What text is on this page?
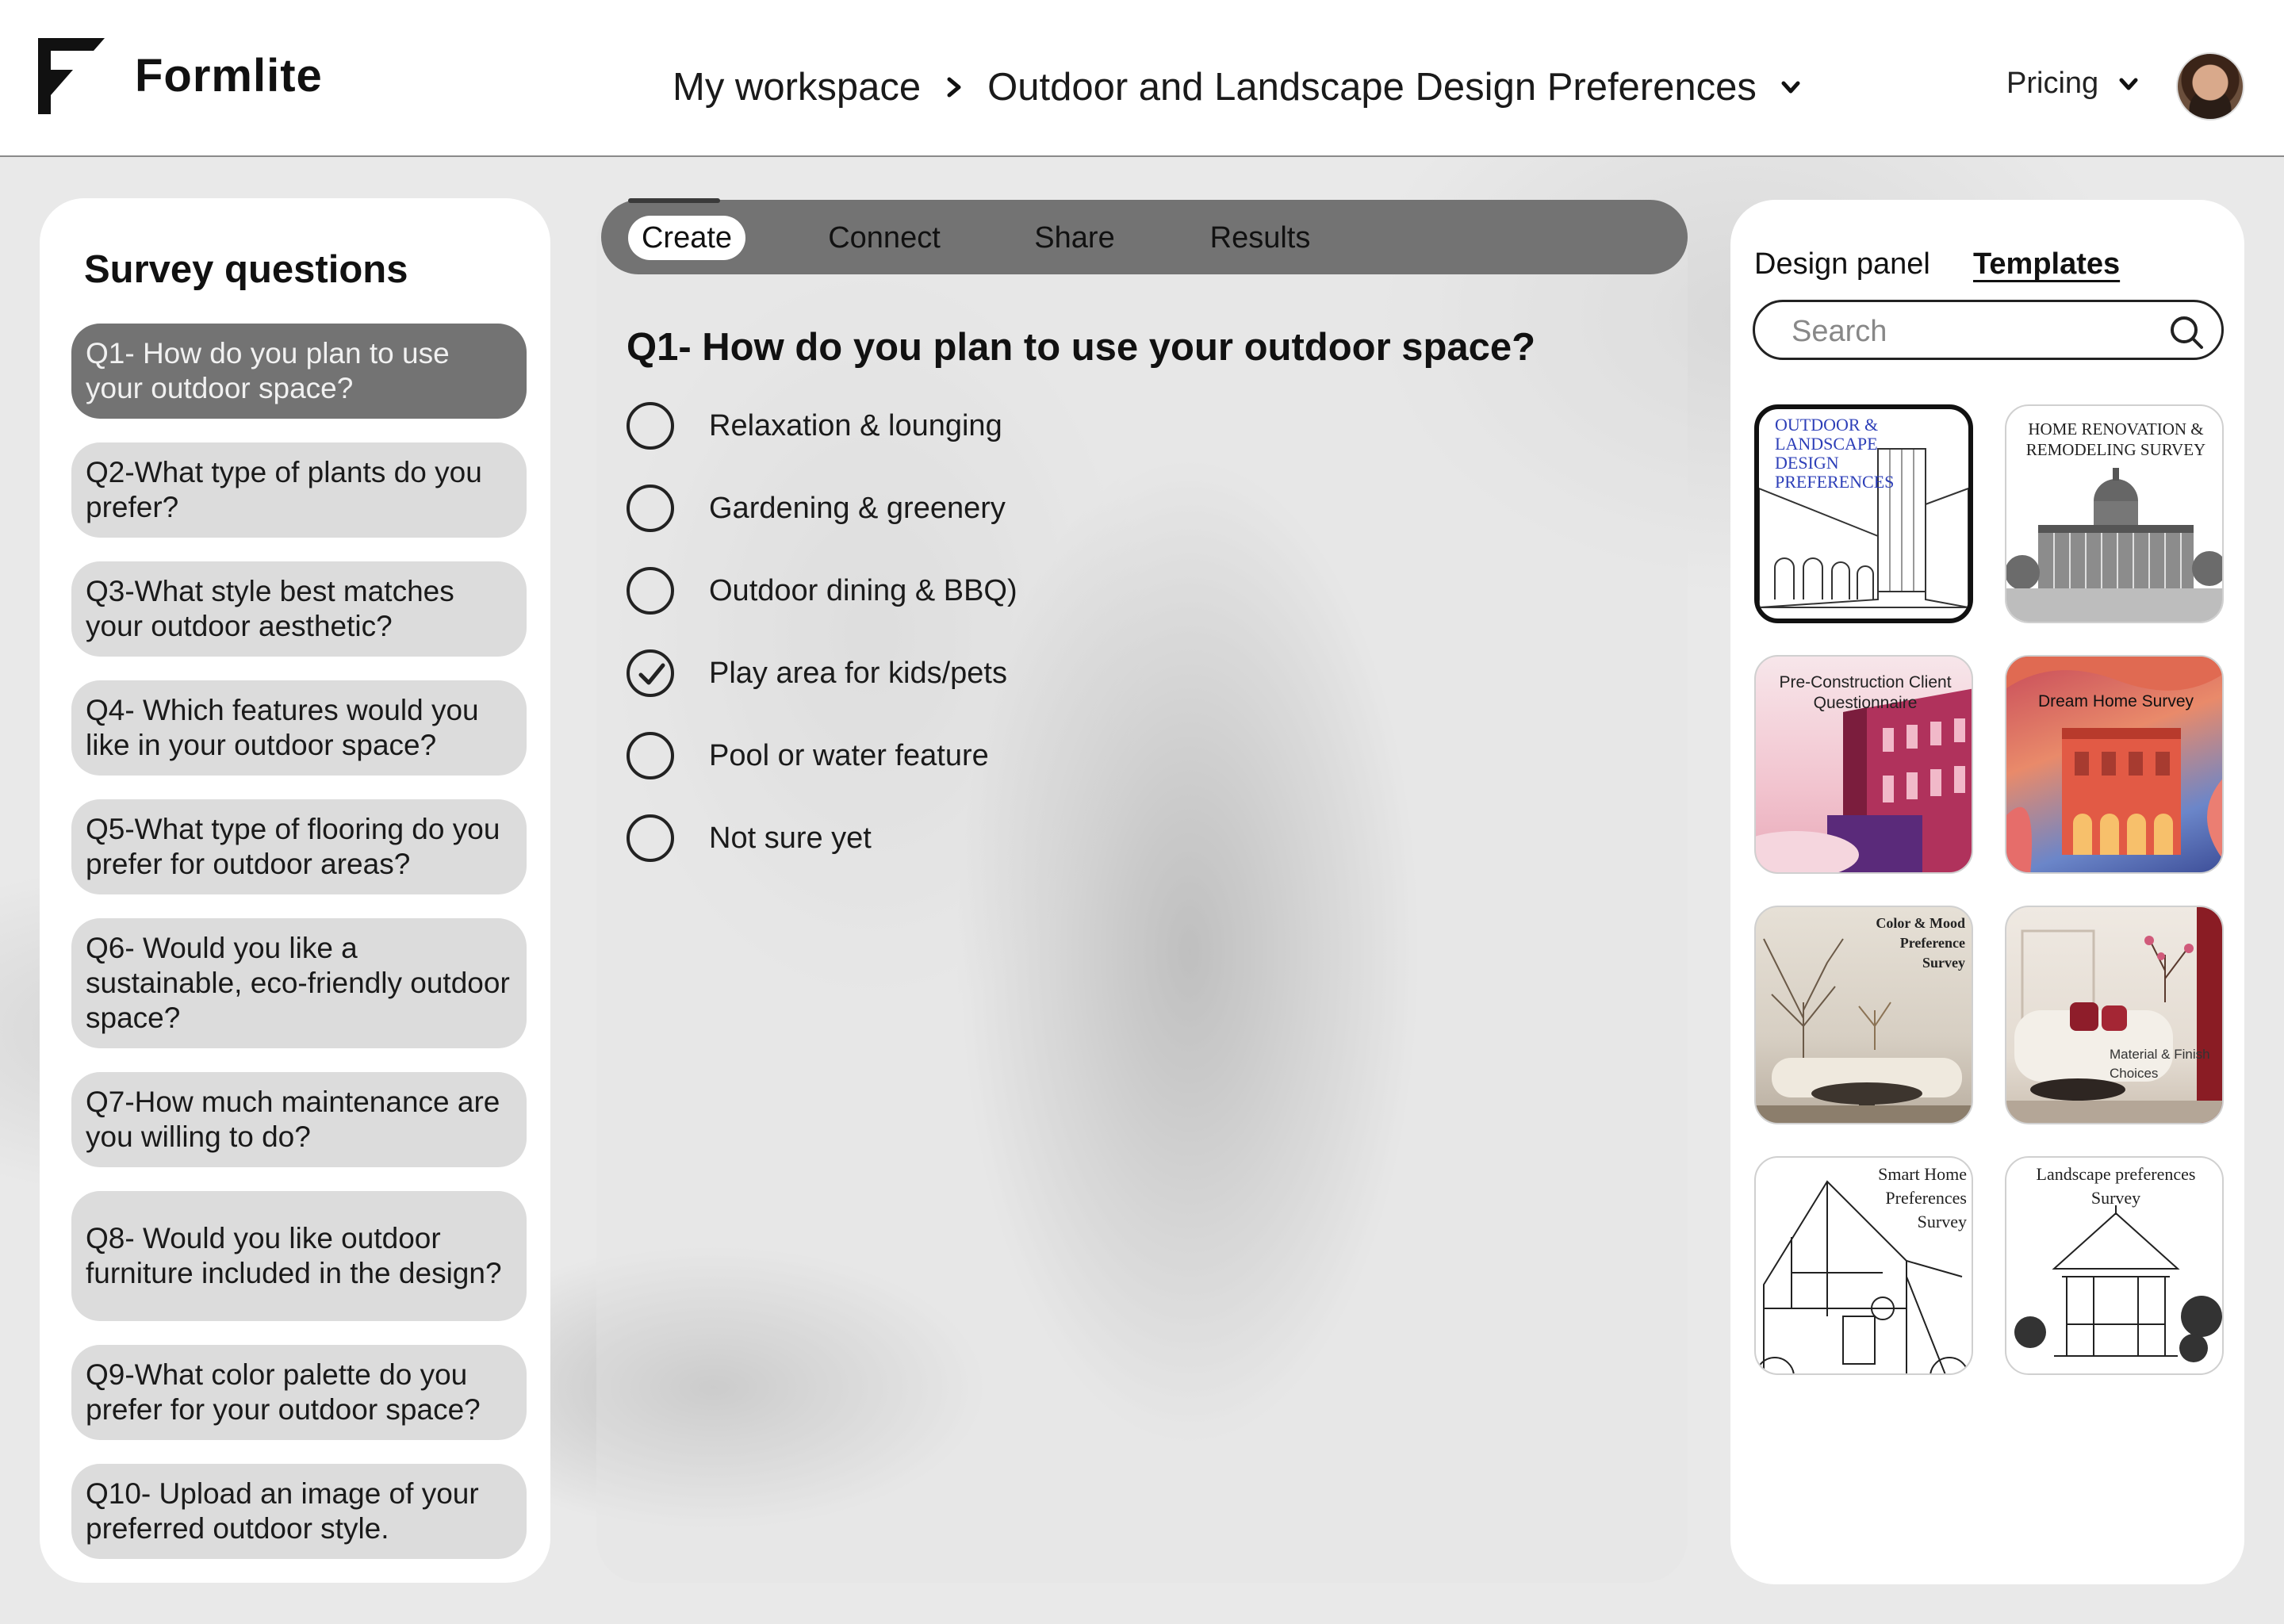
Formlite	My workspace Outdoor and Landscape Design Preferences	Pricing
Survey questions
Q1- How do you plan to use your outdoor space?
Q2-What type of plants do you prefer?
Q3-What style best matches your outdoor aesthetic?
Q4- Which features would you like in your outdoor space?
Q5-What type of flooring do you prefer for outdoor areas?
Q6- Would you like a sustainable, eco-friendly outdoor space?
Q7-How much maintenance are you willing to do?
Q8- Would you like outdoor furniture included in the design?
Q9-What color palette do you prefer for your outdoor space?
Q10- Upload an image of your preferred outdoor style.
Create	Connect	Share	Results
Q1- How do you plan to use your outdoor space?
Relaxation & lounging
Gardening & greenery
Outdoor dining & BBQ)
Play area for kids/pets
Pool or water feature
Not sure yet
Design panel Templates
Search
OUTDOOR & LANDSCAPE DESIGN PREFERENCES
HOME RENOVATION & REMODELING SURVEY
Pre-Construction Client Questionnaire	Dream Home Survey
Color & Mood Preference Survey
Material & Finish Choices
Smart Home Preferences Survey
Landscape preferences Survey
